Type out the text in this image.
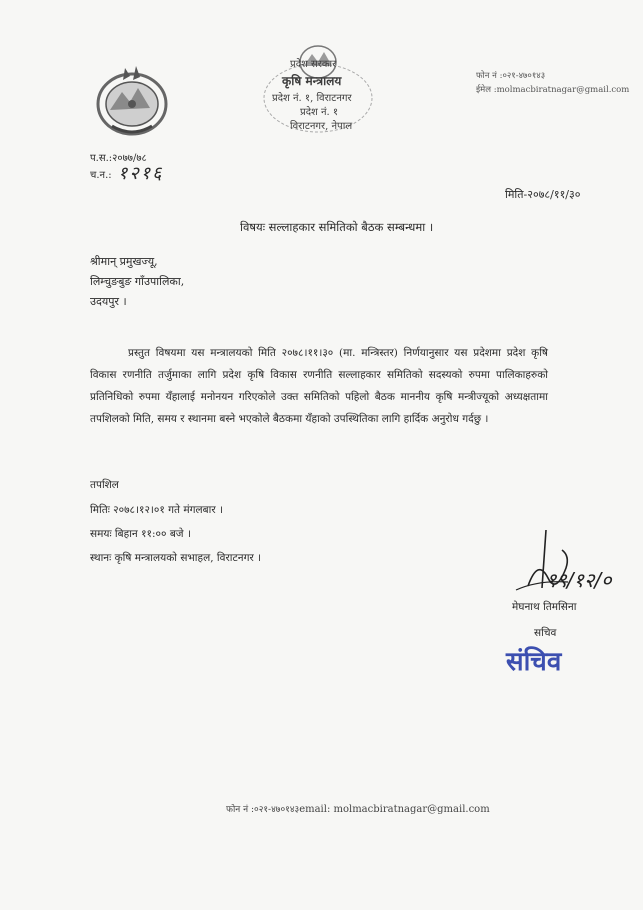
प्रदेश सरकार
कृषि मन्त्रालय
प्रदेश नं. १, विराटनगर
प्रदेश नं. १
विराटनगर, नेपाल
फोन नं :०२१-४७०१४३
ईमेल :molmacbiratnagar@gmail.com
प.स.:२०७७/७८
च.न.: १२१६
मिति-२०७८/११/३०
विषयः सल्लाहकार समितिको बैठक सम्बन्धमा ।
श्रीमान् प्रमुखज्यू,
लिम्चुङबुङ गाँउपालिका,
उदयपुर ।
प्रस्तुत विषयमा यस मन्त्रालयको मिति २०७८।११।३० (मा. मन्त्रिस्तर) निर्णयानुसार यस प्रदेशमा प्रदेश कृषि विकास रणनीति तर्जुमाका लागि प्रदेश कृषि विकास रणनीति सल्लाहकार समितिको सदस्यको रुपमा पालिकाहरुको प्रतिनिधिको रुपमा यँहालाई मनोनयन गरिएकोले उक्त समितिको पहिलो बैठक माननीय कृषि मन्त्रीज्यूको अध्यक्षतामा तपशिलको मिति, समय र स्थानमा बस्ने भएकोले बैठकमा यँहाको उपस्थितिका लागि हार्दिक अनुरोध गर्दछु ।
तपशिल
मितिः २०७८।१२।०१ गते मंगलबार ।
समयः बिहान ११:०० बजे ।
स्थानः कृषि मन्त्रालयको सभाहल, विराटनगर ।
१९/१२/०
मेघनाथ तिमसिना
सचिव
संचिव
फोन नं :०२१-४७०१४३email: molmacbiratnagar@gmail.com
